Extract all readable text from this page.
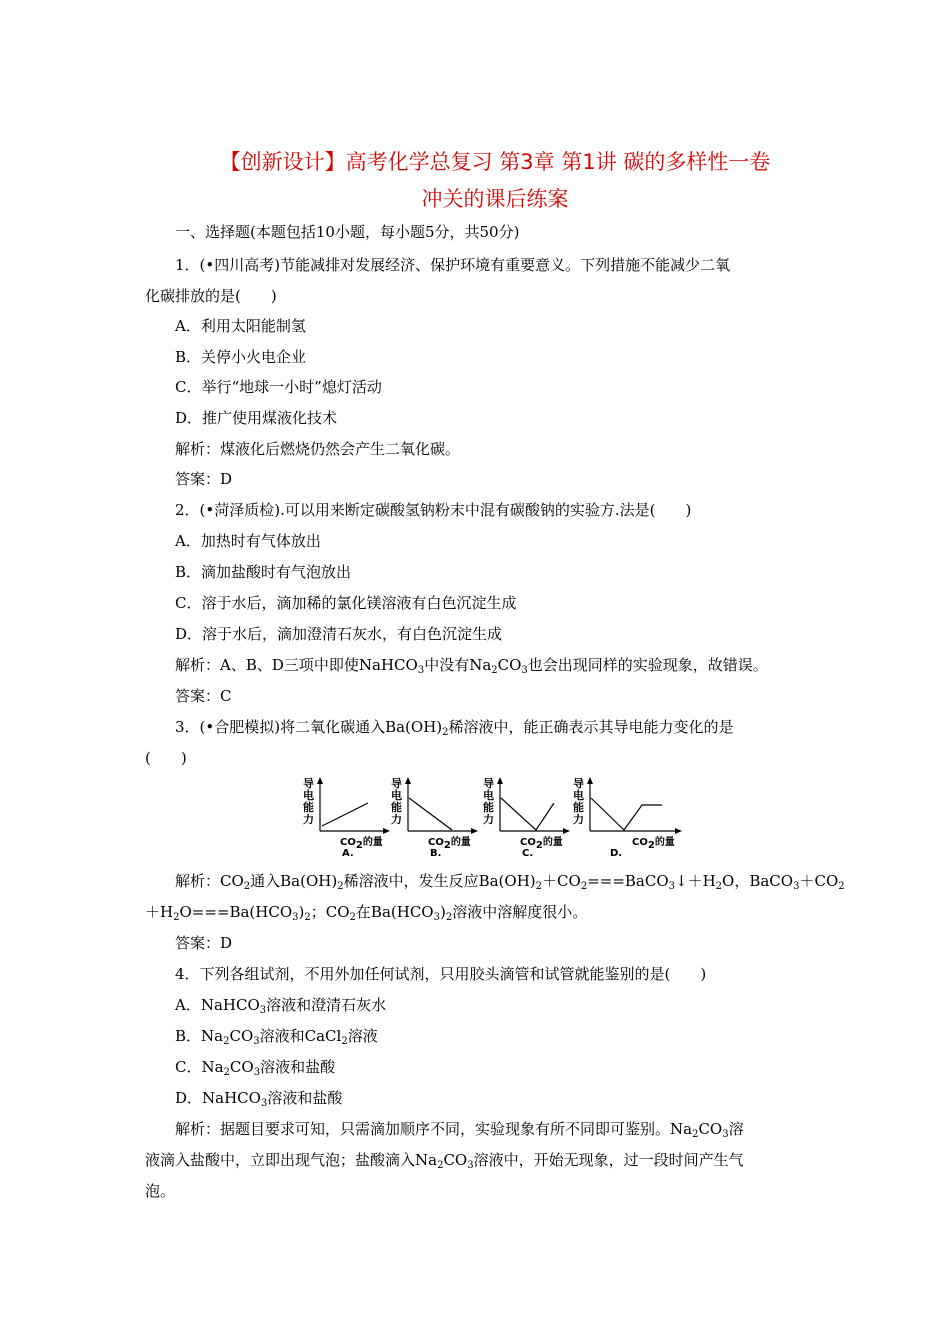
【创新设计】高考化学总复习 第3章 第1讲 碳的多样性一卷
冲关的课后练案
一、选择题(本题包括10小题，每小题5分，共50分)
1．(•四川高考)节能减排对发展经济、保护环境有重要意义。下列措施不能减少二氧
化碳排放的是(　　)
A．利用太阳能制氢
B．关停小火电企业
C．举行“地球一小时”熄灯活动
D．推广使用煤液化技术
解析：煤液化后燃烧仍然会产生二氧化碳。
答案：D
2．(•菏泽质检).可以用来断定碳酸氢钠粉末中混有碳酸钠的实验方.法是(　　)
A．加热时有气体放出
B．滴加盐酸时有气泡放出
C．溶于水后，滴加稀的氯化镁溶液有白色沉淀生成
D．溶于水后，滴加澄清石灰水，有白色沉淀生成
解析：A、B、D三项中即使NaHCO$_3$中没有$Na_2CO_3$也会出现同样的实验现象，故错误。
答案：C
3．(•合肥模拟)将二氧化碳通入$Ba(OH)_2$稀溶液中，能正确表示其导电能力变化的是
(　　)
导电能力
$CO_2$的量
A.
导电能力
$CO_2$的量
B.
导电能力
$CO_2$的量
C.
导电能力
$CO_2$的量
D.
解析：$CO_2$通入$Ba(OH)_2$稀溶液中，发生反应$Ba(OH)_2+CO_2===BaCO_3↓+H_2O$，$BaCO_3+CO_2$
$+H_2O===Ba(HCO_3)_2$；$CO_2$在$Ba(HCO_3)_2$溶液中溶解度很小。
答案：D
4．下列各组试剂，不用外加任何试剂，只用胶头滴管和试管就能鉴别的是(　　)
A．NaHCO$_3$溶液和澄清石灰水
B．$Na_2CO_3$溶液和CaCl$_2$溶液
C．$Na_2CO_3$溶液和盐酸
D．NaHCO$_3$溶液和盐酸
解析：据题目要求可知，只需滴加顺序不同，实验现象有所不同即可鉴别。$Na_2CO_3$溶
液滴入盐酸中，立即出现气泡；盐酸滴入$Na_2CO_3$溶液中，开始无现象，过一段时间产生气
泡。
